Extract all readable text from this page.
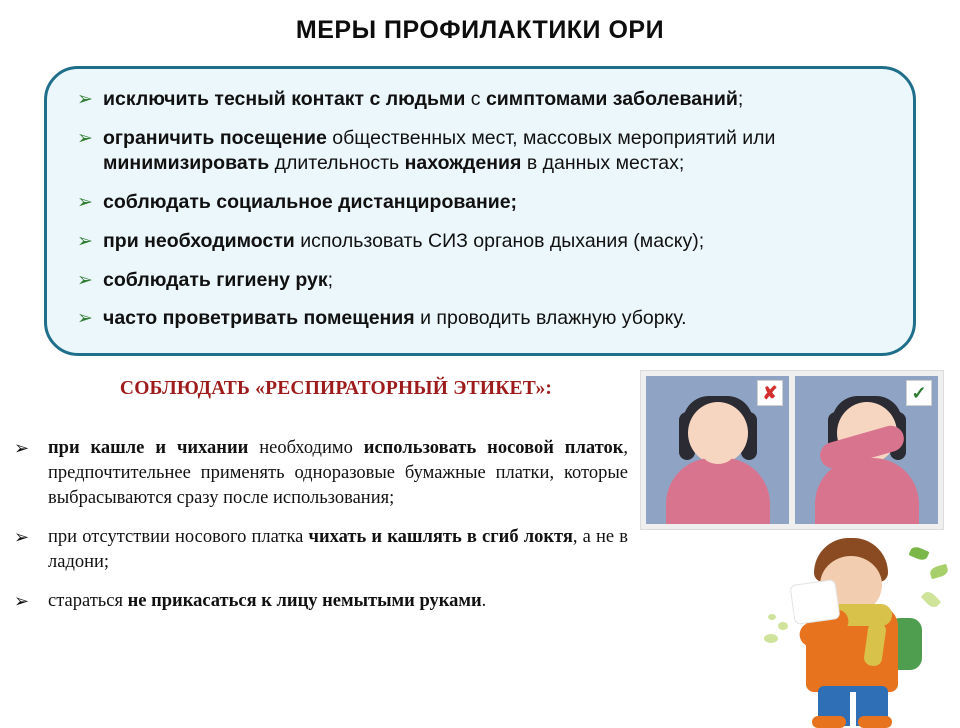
МЕРЫ ПРОФИЛАКТИКИ ОРИ
➢ исключить тесный контакт с людьми с симптомами заболеваний;
➢ ограничить посещение общественных мест, массовых мероприятий или минимизировать длительность нахождения в данных местах;
➢ соблюдать социальное дистанцирование;
➢ при необходимости использовать СИЗ органов дыхания (маску);
➢ соблюдать гигиену рук;
➢ часто проветривать помещения и проводить влажную уборку.
СОБЛЮДАТЬ «РЕСПИРАТОРНЫЙ ЭТИКЕТ»:
➢	при кашле и чихании необходимо использовать носовой платок, предпочтительнее применять одноразовые бумажные платки, которые выбрасываются сразу после использования;
➢	при отсутствии носового платка чихать и кашлять в сгиб локтя, а не в ладони;
➢	стараться не прикасаться к лицу немытыми руками.
✘	✓
